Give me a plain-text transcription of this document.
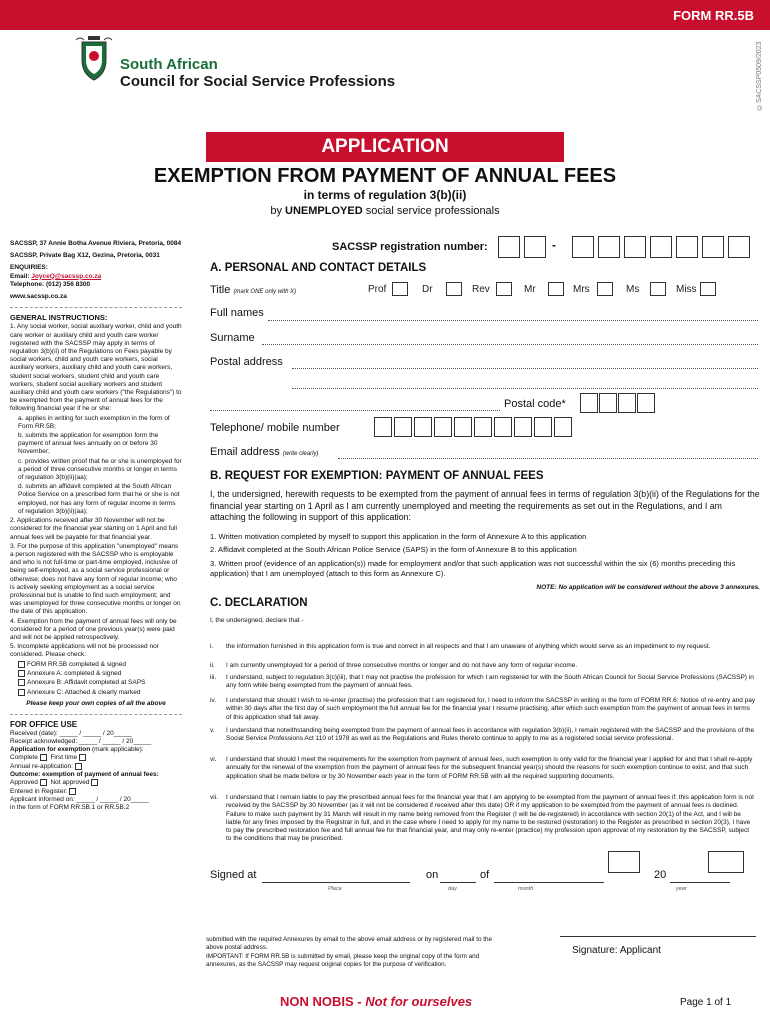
FORM RR.5B
©SACSSP0509/2023
South African
Council for Social Service Professions
APPLICATION
EXEMPTION FROM PAYMENT OF ANNUAL FEES
in terms of regulation 3(b)(ii)
by UNEMPLOYED social service professionals

SACSSP, 37 Annie Botha Avenue Riviera, Pretoria, 0084

SACSSP, Private Bag X12, Gezina, Pretoria, 0031

ENQUIRIES:

Email: JoyceQ@sacssp.co.za

Telephone: (012) 356 8300

www.sacssp.co.za

GENERAL INSTRUCTIONS:

1. Any social worker, social auxiliary worker, child and youth care worker or auxiliary child and youth care worker registered with the SACSSP may apply in terms of regulation 3(b)(ii) of the Regulations on Fees payable by social workers, child and youth care workers, social auxiliary workers, auxiliary child and youth care workers, student social workers, student child and youth care workers, student social auxiliary workers and student auxiliary child and youth care workers ("the Regulations") to be exempted from the payment of annual fees for the following financial year if he or she:

a. applies in writing for such exemption in the form of Form RR.5B;

b. submits the application for exemption form the payment of annual fees annually on or before 30 November;

c. provides written proof that he or she is unemployed for a period of three consecutive months or longer in terms of regulation 3(b)(ii)(aa);

d. submits an affidavit completed at the South African Police Service on a prescribed form that he or she is not employed, nor has any form of regular income in terms of regulation 3(b)(ii)(aa);

2. Applications received after 30 November will not be considered for the financial year starting on 1 April and full annual fees will be payable for that financial year.

3. For the purpose of this application "unemployed" means a person registered with the SACSSP who is employable and who is not full-time or part-time employed, inclusive of being self-employed, as a social service professional or otherwise; does not have any form of regular income; who is actively seeking employment as a social service professional but is unable to find such employment; and was unemployed for three consecutive months or longer on the date of this application.

4. Exemption from the payment of annual fees will only be considered for a period of one previous year(s) were paid and will not be applied retrospectively.

5. Incomplete applications will not be processed nor considered. Please check:

FORM RR.5B completed & signed

Annexure A: completed & signed

Annexure B: Affidavit completed at SAPS

Annexure C: Attached & clearly marked

Please keep your own copies of all the above

FOR OFFICE USE

Received (date): _____ / _____ / 20_____

Receipt acknowledged: _____ / _____ / 20_____

Application for exemption (mark applicable):

Complete First time

Annual re-application:

Outcome: exemption of payment of annual fees:

Approved Not approved

Entered in Register:

Applicant informed on: _____ / _____ / 20_____

in the form of FORM RR.5B.1 or RR.5B.2

SACSSP registration number:	-
A. PERSONAL AND CONTACT DETAILS
Title (mark ONE only with X)	Prof	Dr	Rev	Mr	Mrs	Ms	Miss
Full names
Surname
Postal address
Postal code*
Telephone/ mobile number
Email address (write clearly)
B. REQUEST FOR EXEMPTION: PAYMENT OF ANNUAL FEES
I, the undersigned, herewith requests to be exempted from the payment of annual fees in terms of regulation 3(b)(ii) of the Regulations for the financial year starting on 1 April as I am currently unemployed and meeting the requirements as set out in the Regulations, and I am attaching the following in support of this application:
1. Written motivation completed by myself to support this application in the form of Annexure A to this application
2. Affidavit completed at the South African Police Service (SAPS) in the form of Annexure B to this application
3. Written proof (evidence of an application(s)) made for employment and/or that such application was not successful within the six (6) months preceding this application) that I am unemployed (attach to this form as Annexure C).
NOTE: No application will be considered without the above 3 annexures.
C. DECLARATION
I, the undersigned, declare that -
i. the information furnished in this application form is true and correct in all respects and that I am unaware of anything which would serve as an impediment to my request.
ii. I am currently unemployed for a period of three consecutive months or longer and do not have any form of regular income.
iii. I understand, subject to regulation 3(c)(iii), that I may not practise the profession for which I am registered for with the South African Council for Social Service Professions (SACSSP) in any form while being exempted from the payment of annual fees.
iv. I understand that should I wish to re-enter (practise) the profession that I am registered for, I need to inform the SACSSP in writing in the form of FORM RR.6: Notice of re-entry and pay within 30 days after the first day of such employment the full annual fee for the financial year I resume practising, after which such exemption from the payment of annual fees in terms of this application shall fall away.
v. I understand that notwithstanding being exempted from the payment of annual fees in accordance with regulation 3(b)(ii), I remain registered with the SACSSP and the provisions of the Social Service Professions Act 110 of 1978 as well as the Regulations and Rules thereto continue to apply to me as a registered social service professional.
vi. I understand that should I meet the requirements for the exemption from payment of annual fees, such exemption is only valid for the financial year I applied for and that I shall re-apply annually for the renewal of the exemption from the payment of annual fees for the subsequent financial year(s) should the reasons for such exemption continue to exist, and that such application shall be made before or by 30 November each year in the form of FORM RR.5B with all the required supporting documents.
vii. I understand that I remain liable to pay the prescribed annual fees for the financial year that I am applying to be exempted from the payment of annual fees if: this application form is not received by the SACSSP by 30 November (as it will not be considered if received after this date) OR if my application to be exempted from the payment of annual fees is declined. Failure to make such payment by 31 March will result in my name being removed from the Register (I will be de-registered) in accordance with section 20(1) of the Act, and I will be liable for any fines imposed by the Registrar in full, and in the case where I need to apply for my name to be restored (restoration) to the Register as prescribed in section 20(3), I have to pay the prescribed restoration fee and full annual fee for that financial year, and may only re-enter (practice) my profession upon approval of my restoration by the SACSSP, subject to the conditions that may be prescribed.
Signed at	on	of	20
Place	day	month	year
submitted with the required Annexures by email to the above email address or by registered mail to the above postal address.
IMPORTANT: If FORM RR.5B is submitted by email, please keep the original copy of the form and annexures, as the SACSSP may request original copies for the purpose of verification.
Signature: Applicant
NON NOBIS - Not for ourselves	Page 1 of 1
